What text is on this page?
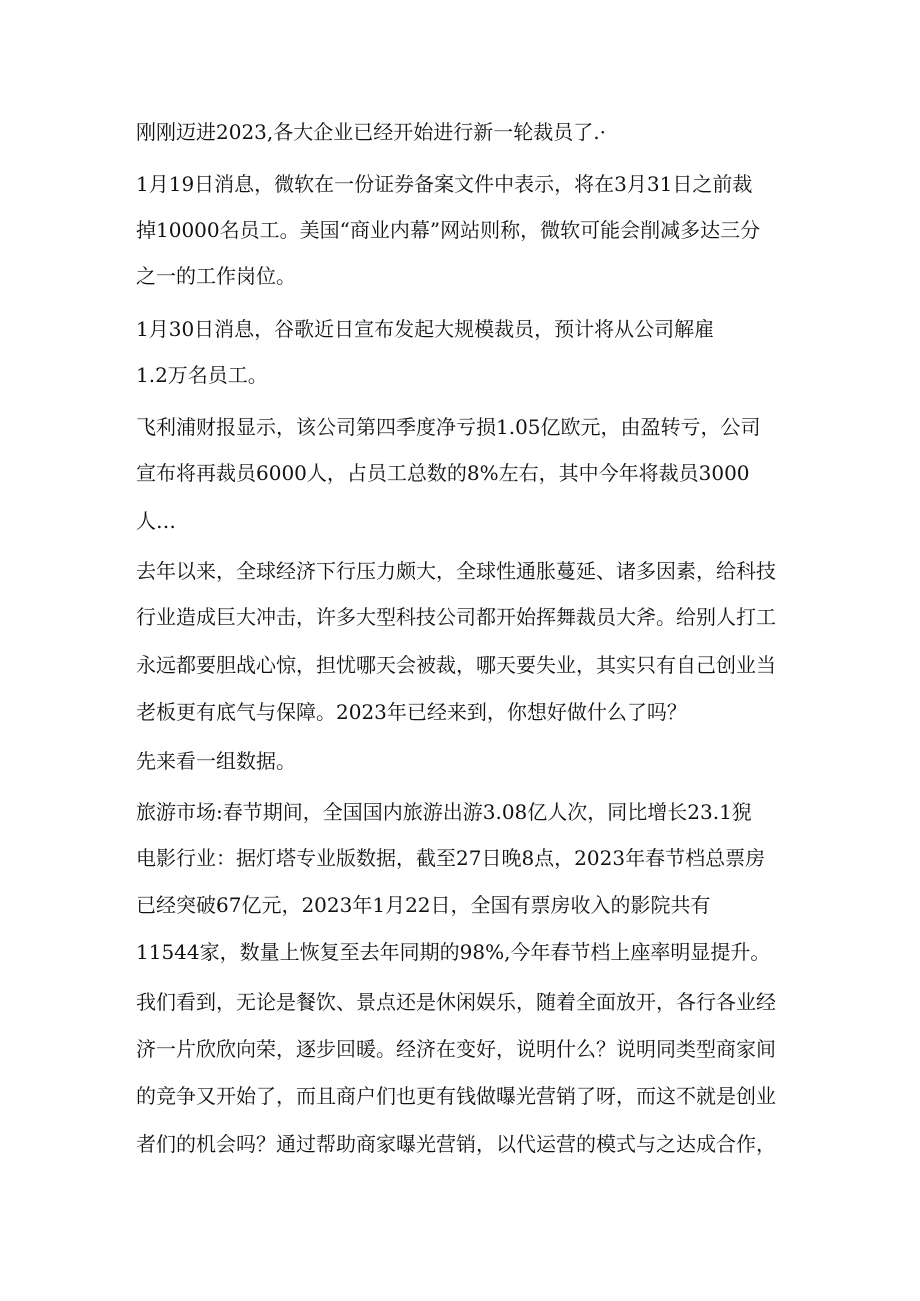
刚刚迈进2023,各大企业已经开始进行新一轮裁员了.·
1月19日消息，微软在一份证券备案文件中表示，将在3月31日之前裁
掉10000名员工。美国“商业内幕”网站则称，微软可能会削减多达三分
之一的工作岗位。
1月30日消息，谷歌近日宣布发起大规模裁员，预计将从公司解雇
1.2万名员工。
飞利浦财报显示，该公司第四季度净亏损1.05亿欧元，由盈转亏，公司
宣布将再裁员6000人，占员工总数的8%左右，其中今年将裁员3000
人…
去年以来，全球经济下行压力颇大，全球性通胀蔓延、诸多因素，给科技
行业造成巨大冲击，许多大型科技公司都开始挥舞裁员大斧。给别人打工
永远都要胆战心惊，担忧哪天会被裁，哪天要失业，其实只有自己创业当
老板更有底气与保障。2023年已经来到，你想好做什么了吗？
先来看一组数据。
旅游市场:春节期间，全国国内旅游出游3.08亿人次，同比增长23.1猊
电影行业：据灯塔专业版数据，截至27日晚8点，2023年春节档总票房
已经突破67亿元，2023年1月22日，全国有票房收入的影院共有
11544家，数量上恢复至去年同期的98%,今年春节档上座率明显提升。
我们看到，无论是餐饮、景点还是休闲娱乐，随着全面放开，各行各业经
济一片欣欣向荣，逐步回暖。经济在变好，说明什么？说明同类型商家间
的竞争又开始了，而且商户们也更有钱做曝光营销了呀，而这不就是创业
者们的机会吗？通过帮助商家曝光营销，以代运营的模式与之达成合作，
